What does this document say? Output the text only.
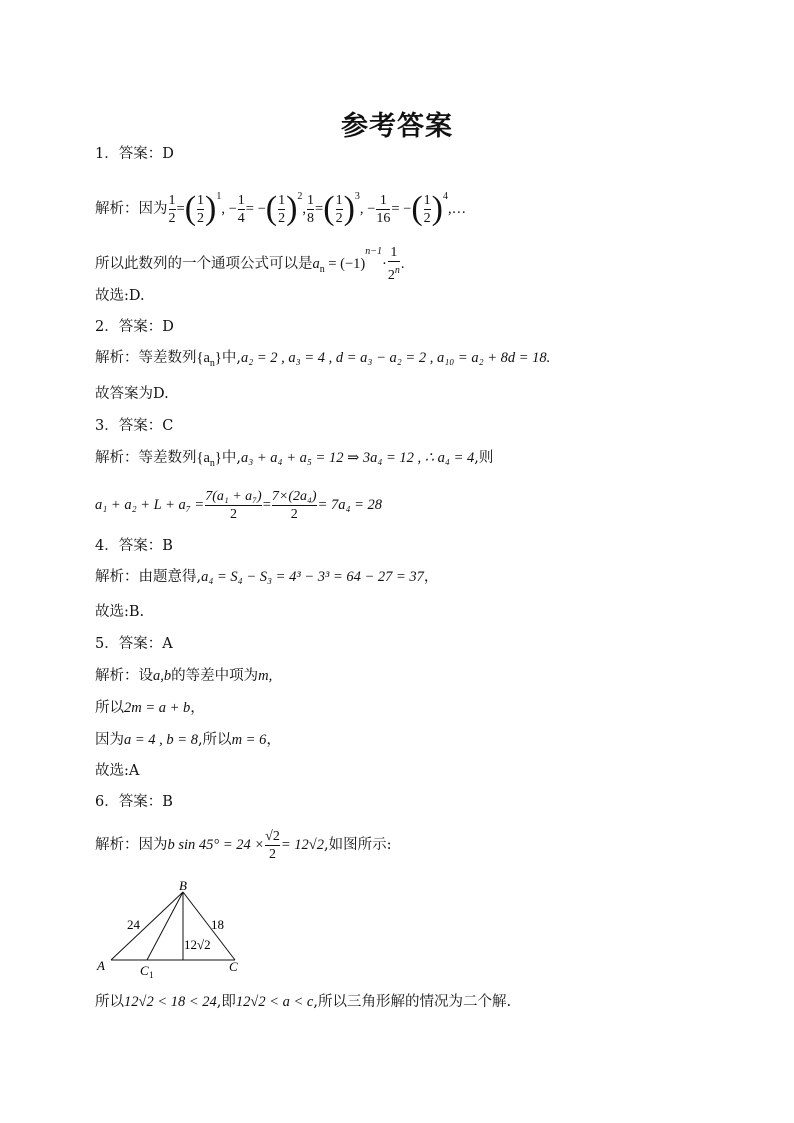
参考答案
1．答案：D
解析：因为 $\frac{1}{2}$ =( $\frac{1}{2} )^1$, − $\frac{1}{4}$ = −( $\frac{1}{2} )^2$, $\frac{1}{8}$ =( $\frac{1}{2} )^3$, − $\frac{1}{16}$ = −( $\frac{1}{2}$ )$^4$,…
所以此数列的一个通项公式可以是$a_n = (-1)^{n-1}\cdot \frac{1}{2^n}$ .
故选:D.
2．答案：D
解析：等差数列$\{a_n\}$中,a₂ = 2 , a₃ = 4 , d = a₃ − a₂ = 2 , a₁₀ = a₂ + 8d = 18.
故答案为D.
3．答案：C
解析：等差数列$\{a_n\}$中,a₃ + a₄ + a₅ = 12 ⇒ 3a₄ = 12 , ∴ a₄ = 4,则
$a_1 + a_2 + L + a_7 = \frac{\text{7(a₁ + a₇)}}{2} = \frac{\text{7×(2a₄)}}{2} = 7a_4 = 28$
4．答案：B
解析：由题意得,a₄ = S₄ − S₃ = 4³ − 3³ = 64 − 27 = 37，
故选:B.
5．答案：A
解析：设a,b的等差中项为m,
所以2m = a + b，
因为a = 4 , b = 8,所以m = 6，
故选:A
6．答案：B
解析：因为b $\sin 45^\circ = 24 \times \frac{√2}{2} = 12√2$,如图所示:
B
A	C
C 1
24	18
12√2
所以12√2 < 18 < 24,即12√2 < a < c,所以三角形解的情况为二个解.
